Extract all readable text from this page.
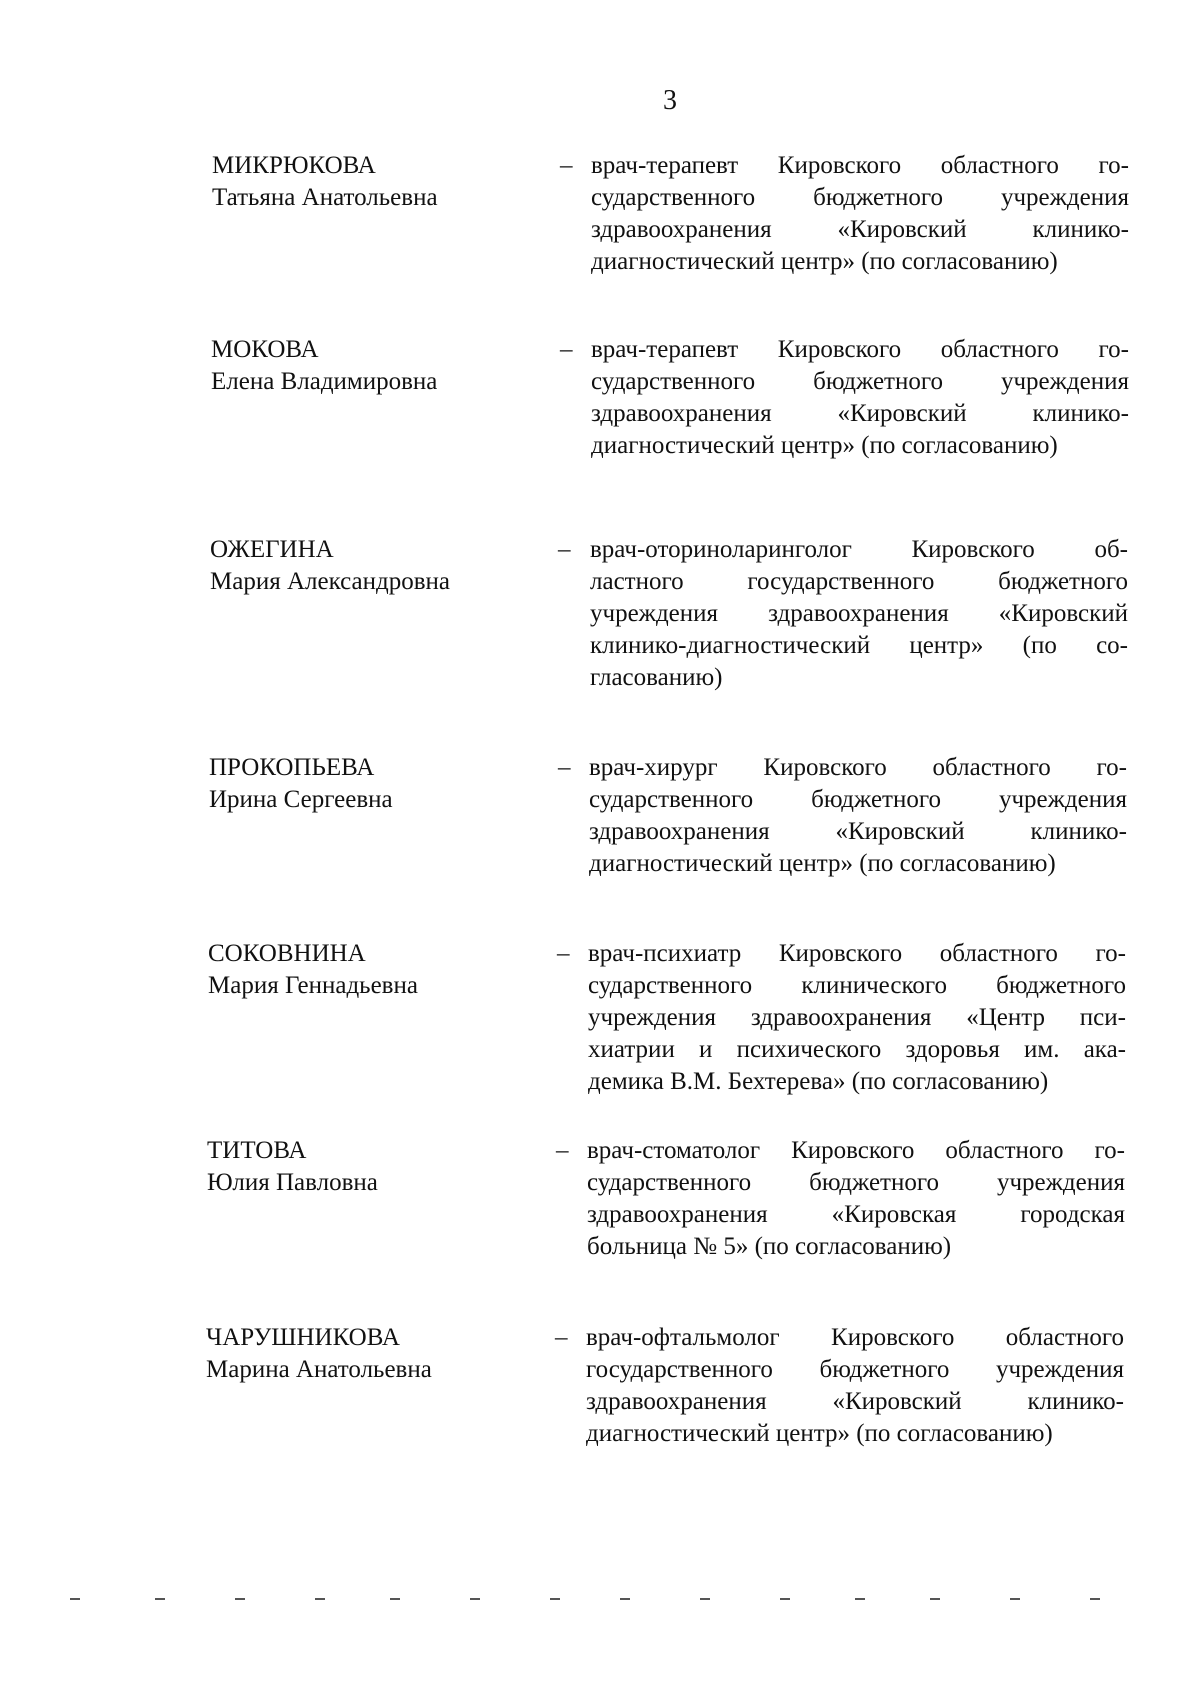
3
МИКРЮКОВА
Татьяна Анатольевна
– врач-терапевт Кировского областного го-
сударственного бюджетного учреждения
здравоохранения «Кировский клинико-
диагностический центр» (по согласованию)
МОКОВА
Елена Владимировна
– врач-терапевт Кировского областного го-
сударственного бюджетного учреждения
здравоохранения «Кировский клинико-
диагностический центр» (по согласованию)
ОЖЕГИНА
Мария Александровна
– врач-оториноларинголог Кировского об-
ластного государственного бюджетного
учреждения здравоохранения «Кировский
клинико-диагностический центр» (по со-
гласованию)
ПРОКОПЬЕВА
Ирина Сергеевна
– врач-хирург Кировского областного го-
сударственного бюджетного учреждения
здравоохранения «Кировский клинико-
диагностический центр» (по согласованию)
СОКОВНИНА
Мария Геннадьевна
– врач-психиатр Кировского областного го-
сударственного клинического бюджетного
учреждения здравоохранения «Центр пси-
хиатрии и психического здоровья им. ака-
демика В.М. Бехтерева» (по согласованию)
ТИТОВА
Юлия Павловна
– врач-стоматолог Кировского областного го-
сударственного бюджетного учреждения
здравоохранения «Кировская городская
больница № 5» (по согласованию)
ЧАРУШНИКОВА
Марина Анатольевна
– врач-офтальмолог Кировского областного
государственного бюджетного учреждения
здравоохранения «Кировский клинико-
диагностический центр» (по согласованию)
